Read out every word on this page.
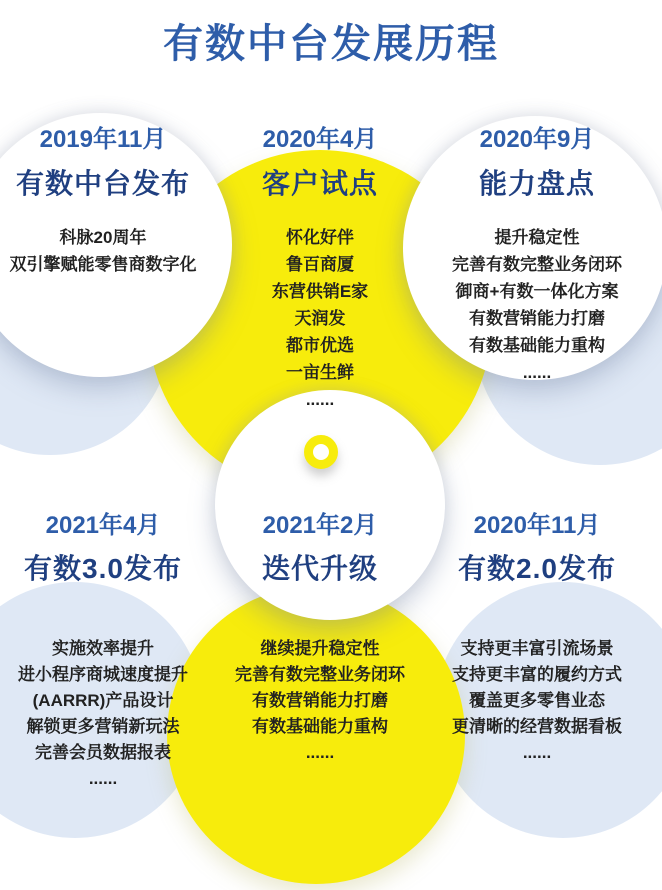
有数中台发展历程
2019年11月
有数中台发布
科脉20周年
双引擎赋能零售商数字化
2020年4月
客户试点
怀化好伴
鲁百商厦
东营供销E家
天润发
都市优选
一亩生鲜
......
2020年9月
能力盘点
提升稳定性
完善有数完整业务闭环
御商+有数一体化方案
有数营销能力打磨
有数基础能力重构
......
2021年4月
有数3.0发布
实施效率提升
进小程序商城速度提升
(AARRR)产品设计
解锁更多营销新玩法
完善会员数据报表
......
2021年2月
迭代升级
继续提升稳定性
完善有数完整业务闭环
有数营销能力打磨
有数基础能力重构
......
2020年11月
有数2.0发布
支持更丰富引流场景
支持更丰富的履约方式
覆盖更多零售业态
更清晰的经营数据看板
......
